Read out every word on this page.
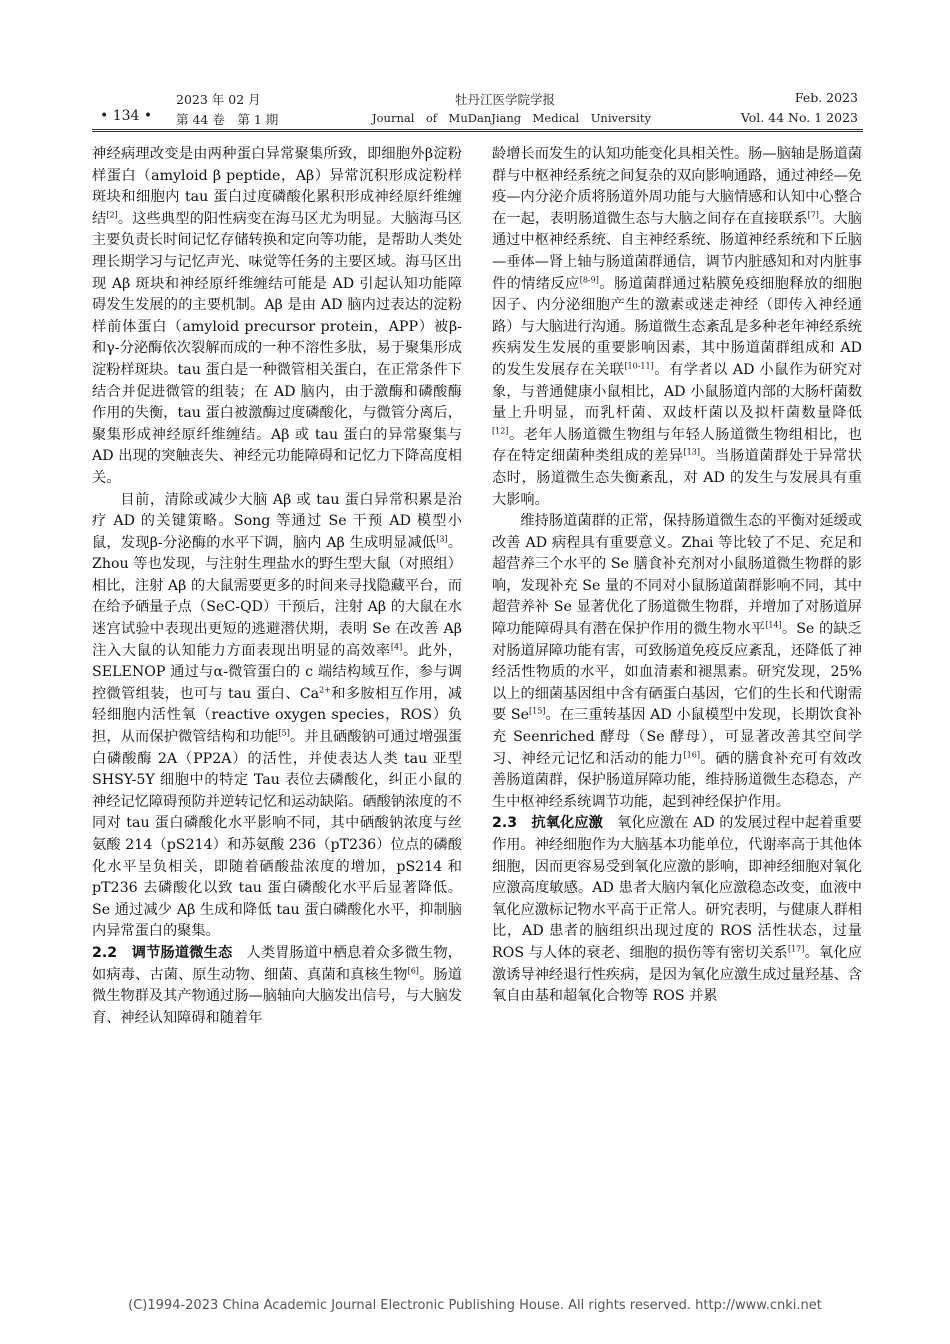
• 134 •
2023 年 02 月
第 44 卷　第 1 期
牡丹江医学院学报
Journal　of　MuDanJiang　Medical　University
Feb. 2023
Vol. 44 No. 1 2023

神经病理改变是由两种蛋白异常聚集所致，即细胞外β淀粉样蛋白（amyloid β peptide，Aβ）异常沉积形成淀粉样斑块和细胞内 tau 蛋白过度磷酸化累积形成神经原纤维缠结[2]。这些典型的阳性病变在海马区尤为明显。大脑海马区主要负责长时间记忆存储转换和定向等功能，是帮助人类处理长期学习与记忆声光、味觉等任务的主要区域。海马区出现 Aβ 斑块和神经原纤维缠结可能是 AD 引起认知功能障碍发生发展的的主要机制。Aβ 是由 AD 脑内过表达的淀粉样前体蛋白（amyloid precursor protein，APP）被β-和γ-分泌酶依次裂解而成的一种不溶性多肽，易于聚集形成淀粉样斑块。tau 蛋白是一种微管相关蛋白，在正常条件下结合并促进微管的组装；在 AD 脑内，由于激酶和磷酸酶作用的失衡，tau 蛋白被激酶过度磷酸化，与微管分离后，聚集形成神经原纤维缠结。Aβ 或 tau 蛋白的异常聚集与 AD 出现的突触丧失、神经元功能障碍和记忆力下降高度相关。

目前，清除或减少大脑 Aβ 或 tau 蛋白异常积累是治疗 AD 的关键策略。Song 等通过 Se 干预 AD 模型小鼠，发现β-分泌酶的水平下调，脑内 Aβ 生成明显减低[3]。Zhou 等也发现，与注射生理盐水的野生型大鼠（对照组）相比，注射 Aβ 的大鼠需要更多的时间来寻找隐藏平台，而在给予硒量子点（SeC-QD）干预后，注射 Aβ 的大鼠在水迷宫试验中表现出更短的逃避潜伏期，表明 Se 在改善 Aβ 注入大鼠的认知能力方面表现出明显的高效率[4]。此外，SELENOP 通过与α-微管蛋白的 c 端结构域互作，参与调控微管组装，也可与 tau 蛋白、$Ca^{2+}$和多胺相互作用，减轻细胞内活性氧（reactive oxygen species，ROS）负担，从而保护微管结构和功能[5]。并且硒酸钠可通过增强蛋白磷酸酶 2A（PP2A）的活性，并使表达人类 tau 亚型 SHSY-5Y 细胞中的特定 Tau 表位去磷酸化，纠正小鼠的神经记忆障碍预防并逆转记忆和运动缺陷。硒酸钠浓度的不同对 tau 蛋白磷酸化水平影响不同，其中硒酸钠浓度与丝氨酸 214（pS214）和苏氨酸 236（pT236）位点的磷酸化水平呈负相关，即随着硒酸盐浓度的增加，pS214 和 pT236 去磷酸化以致 tau 蛋白磷酸化水平后显著降低。Se 通过减少 Aβ 生成和降低 tau 蛋白磷酸化水平，抑制脑内异常蛋白的聚集。

2.2　调节肠道微生态 人类胃肠道中栖息着众多微生物，如病毒、古菌、原生动物、细菌、真菌和真核生物[6]。肠道微生物群及其产物通过肠—脑轴向大脑发出信号，与大脑发育、神经认知障碍和随着年

龄增长而发生的认知功能变化具相关性。肠—脑轴是肠道菌群与中枢神经系统之间复杂的双向影响通路，通过神经—免疫—内分泌介质将肠道外周功能与大脑情感和认知中心整合在一起，表明肠道微生态与大脑之间存在直接联系[7]。大脑通过中枢神经系统、自主神经系统、肠道神经系统和下丘脑—垂体—肾上轴与肠道菌群通信，调节内脏感知和对内脏事件的情绪反应[8-9]。肠道菌群通过粘膜免疫细胞释放的细胞因子、内分泌细胞产生的激素或迷走神经（即传入神经通路）与大脑进行沟通。肠道微生态紊乱是多种老年神经系统疾病发生发展的重要影响因素，其中肠道菌群组成和 AD 的发生发展存在关联[10-11]。有学者以 AD 小鼠作为研究对象，与普通健康小鼠相比，AD 小鼠肠道内部的大肠杆菌数量上升明显，而乳杆菌、双歧杆菌以及拟杆菌数量降低[12]。老年人肠道微生物组与年轻人肠道微生物组相比，也存在特定细菌种类组成的差异[13]。当肠道菌群处于异常状态时，肠道微生态失衡紊乱，对 AD 的发生与发展具有重大影响。

维持肠道菌群的正常，保持肠道微生态的平衡对延缓或改善 AD 病程具有重要意义。Zhai 等比较了不足、充足和超营养三个水平的 Se 膳食补充剂对小鼠肠道微生物群的影响，发现补充 Se 量的不同对小鼠肠道菌群影响不同，其中超营养补 Se 显著优化了肠道微生物群，并增加了对肠道屏障功能障碍具有潜在保护作用的微生物水平[14]。Se 的缺乏对肠道屏障功能有害，可致肠道免疫反应紊乱，还降低了神经活性物质的水平，如血清素和褪黑素。研究发现，25% 以上的细菌基因组中含有硒蛋白基因，它们的生长和代谢需要 Se[15]。在三重转基因 AD 小鼠模型中发现，长期饮食补充 Seenriched 酵母（Se 酵母），可显著改善其空间学习、神经元记忆和活动的能力[16]。硒的膳食补充可有效改善肠道菌群，保护肠道屏障功能，维持肠道微生态稳态，产生中枢神经系统调节功能，起到神经保护作用。

2.3　抗氧化应激 氧化应激在 AD 的发展过程中起着重要作用。神经细胞作为大脑基本功能单位，代谢率高于其他体细胞，因而更容易受到氧化应激的影响，即神经细胞对氧化应激高度敏感。AD 患者大脑内氧化应激稳态改变，血液中氧化应激标记物水平高于正常人。研究表明，与健康人群相比，AD 患者的脑组织出现过度的 ROS 活性状态，过量 ROS 与人体的衰老、细胞的损伤等有密切关系[17]。氧化应激诱导神经退行性疾病，是因为氧化应激生成过量羟基、含氧自由基和超氧化合物等 ROS 并累

(C)1994-2023 China Academic Journal Electronic Publishing House. All rights reserved. http://www.cnki.net
